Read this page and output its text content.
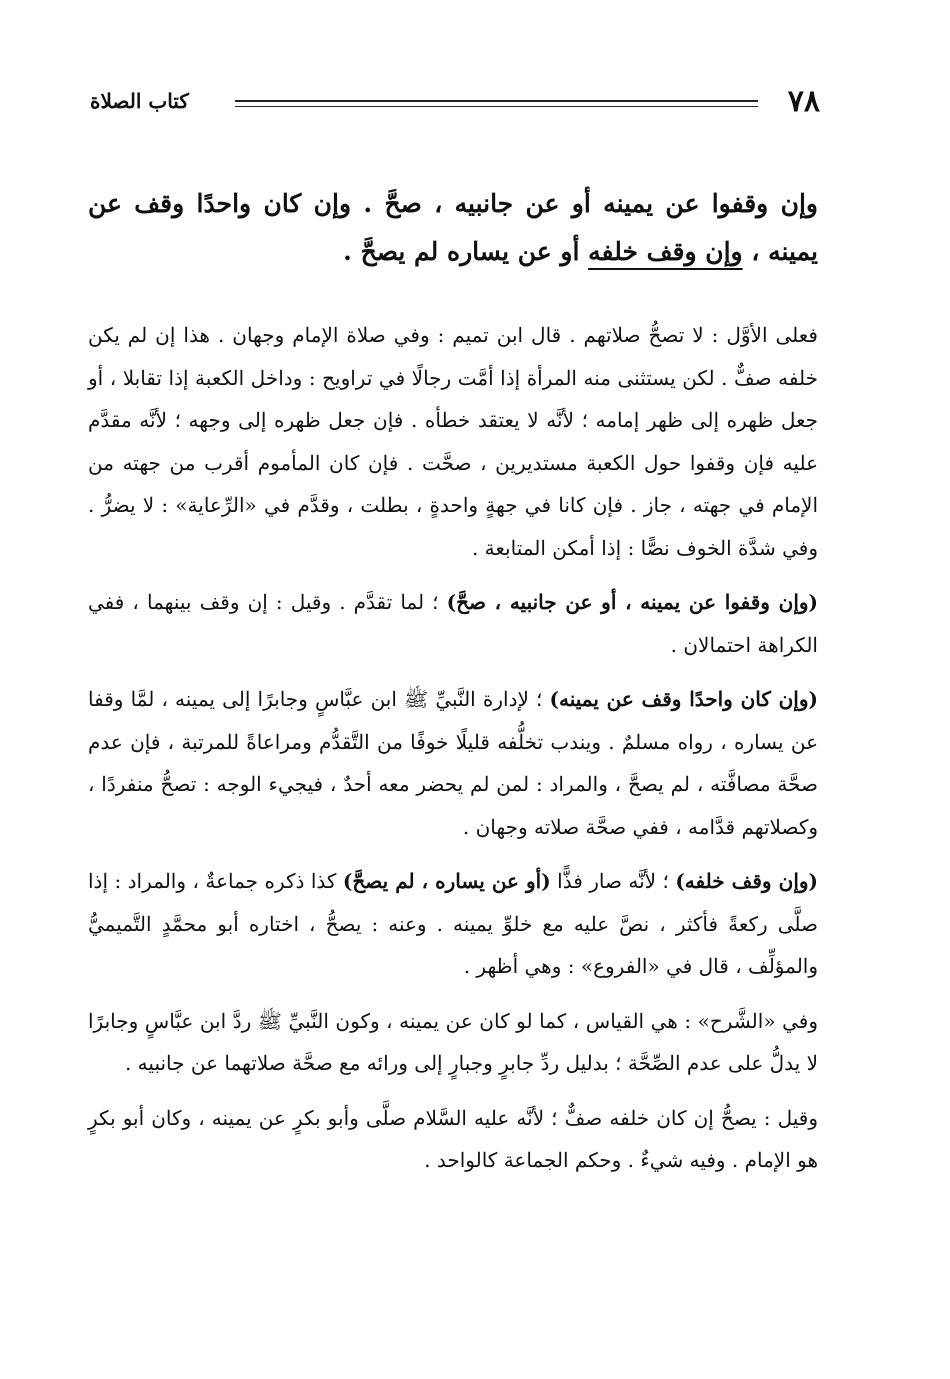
٧٨
كتاب الصلاة

وإن وقفوا عن يمينه أو عن جانبيه ، صحَّ . وإن كان واحدًا وقف عن يمينه ، وإن وقف خلفه أو عن يساره لم يصحَّ .

فعلى الأوَّل : لا تصحُّ صلاتهم . قال ابن تميم : وفي صلاة الإمام وجهان . هذا إن لم يكن خلفه صفٌّ . لكن يستثنى منه المرأة إذا أمَّت رجالًا في تراويح : وداخل الكعبة إذا تقابلا ، أو جعل ظهره إلى ظهر إمامه ؛ لأنَّه لا يعتقد خطأه . فإن جعل ظهره إلى وجهه ؛ لأنَّه مقدَّم عليه فإن وقفوا حول الكعبة مستديرين ، صحَّت . فإن كان المأموم أقرب من جهته من الإمام في جهته ، جاز . فإن كانا في جهةٍ واحدةٍ ، بطلت ، وقدَّم في «الرِّعاية» : لا يضرُّ . وفي شدَّة الخوف نصًّا : إذا أمكن المتابعة .

(وإن وقفوا عن يمينه ، أو عن جانبيه ، صحَّ) ؛ لما تقدَّم . وقيل : إن وقف بينهما ، ففي الكراهة احتمالان .

(وإن كان واحدًا وقف عن يمينه) ؛ لإدارة النَّبيِّ ﷺ ابن عبَّاسٍ وجابرًا إلى يمينه ، لمَّا وقفا عن يساره ، رواه مسلمٌ . ويندب تخلُّفه قليلًا خوفًا من التَّقدُّم ومراعاةً للمرتبة ، فإن عدم صحَّة مصافَّته ، لم يصحَّ ، والمراد : لمن لم يحضر معه أحدٌ ، فيجيء الوجه : تصحُّ منفردًا ، وكصلاتهم قدَّامه ، ففي صحَّة صلاته وجهان .

(وإن وقف خلفه) ؛ لأنَّه صار فذًّا (أو عن يساره ، لم يصحَّ) كذا ذكره جماعةٌ ، والمراد : إذا صلَّى ركعةً فأكثر ، نصَّ عليه مع خلوِّ يمينه . وعنه : يصحُّ ، اختاره أبو محمَّدٍ التَّميميُّ والمؤلِّف ، قال في «الفروع» : وهي أظهر .

وفي «الشَّرح» : هي القياس ، كما لو كان عن يمينه ، وكون النَّبيِّ ﷺ ردَّ ابن عبَّاسٍ وجابرًا لا يدلُّ على عدم الصِّحَّة ؛ بدليل ردِّ جابرٍ وجبارٍ إلى ورائه مع صحَّة صلاتهما عن جانبيه .

وقيل : يصحُّ إن كان خلفه صفٌّ ؛ لأنَّه عليه السَّلام صلَّى وأبو بكرٍ عن يمينه ، وكان أبو بكرٍ هو الإمام . وفيه شيءٌ . وحكم الجماعة كالواحد .
